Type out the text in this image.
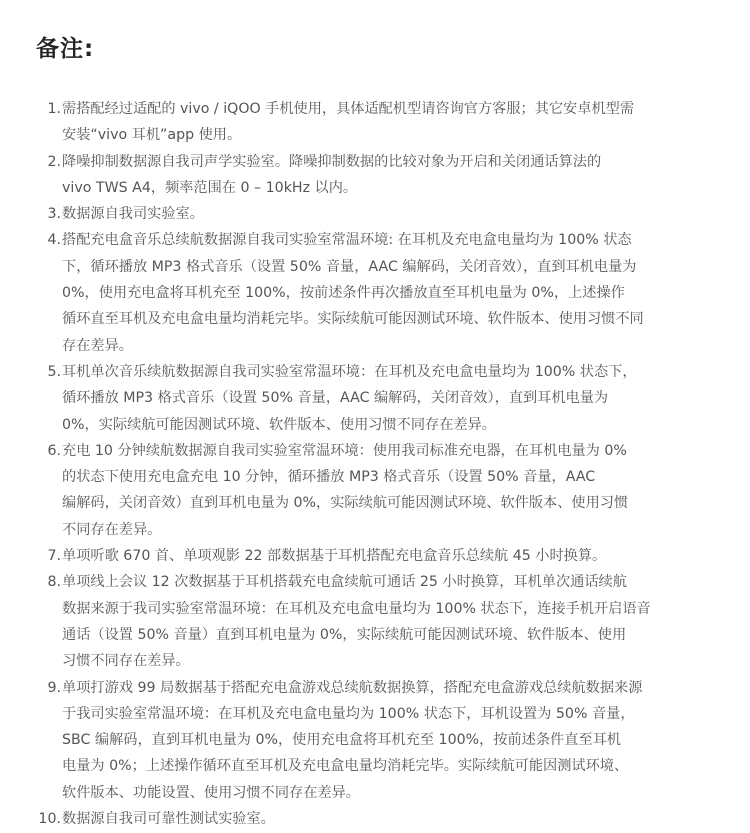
备注:
1. 需搭配经过适配的 vivo / iQOO 手机使用，具体适配机型请咨询官方客服；其它安卓机型需
安装“vivo 耳机”app 使用。
2. 降噪抑制数据源自我司声学实验室。降噪抑制数据的比较对象为开启和关闭通话算法的
vivo TWS A4，频率范围在 0 – 10kHz 以内。
3. 数据源自我司实验室。
4. 搭配充电盒音乐总续航数据源自我司实验室常温环境: 在耳机及充电盒电量均为 100% 状态
下，循环播放 MP3 格式音乐（设置 50% 音量，AAC 编解码，关闭音效），直到耳机电量为
0%，使用充电盒将耳机充至 100%，按前述条件再次播放直至耳机电量为 0%，上述操作
循环直至耳机及充电盒电量均消耗完毕。实际续航可能因测试环境、软件版本、使用习惯不同
存在差异。
5. 耳机单次音乐续航数据源自我司实验室常温环境：在耳机及充电盒电量均为 100% 状态下，
循环播放 MP3 格式音乐（设置 50% 音量，AAC 编解码，关闭音效），直到耳机电量为
0%，实际续航可能因测试环境、软件版本、使用习惯不同存在差异。
6. 充电 10 分钟续航数据源自我司实验室常温环境：使用我司标准充电器，在耳机电量为 0%
的状态下使用充电盒充电 10 分钟，循环播放 MP3 格式音乐（设置 50% 音量，AAC
编解码，关闭音效）直到耳机电量为 0%，实际续航可能因测试环境、软件版本、使用习惯
不同存在差异。
7. 单项听歌 670 首、单项观影 22 部数据基于耳机搭配充电盒音乐总续航 45 小时换算。
8. 单项线上会议 12 次数据基于耳机搭载充电盒续航可通话 25 小时换算，耳机单次通话续航
数据来源于我司实验室常温环境：在耳机及充电盒电量均为 100% 状态下，连接手机开启语音
通话（设置 50% 音量）直到耳机电量为 0%，实际续航可能因测试环境、软件版本、使用
习惯不同存在差异。
9. 单项打游戏 99 局数据基于搭配充电盒游戏总续航数据换算，搭配充电盒游戏总续航数据来源
于我司实验室常温环境：在耳机及充电盒电量均为 100% 状态下，耳机设置为 50% 音量，
SBC 编解码，直到耳机电量为 0%，使用充电盒将耳机充至 100%，按前述条件直至耳机
电量为 0%；上述操作循环直至耳机及充电盒电量均消耗完毕。实际续航可能因测试环境、
软件版本、功能设置、使用习惯不同存在差异。
10. 数据源自我司可靠性测试实验室。
